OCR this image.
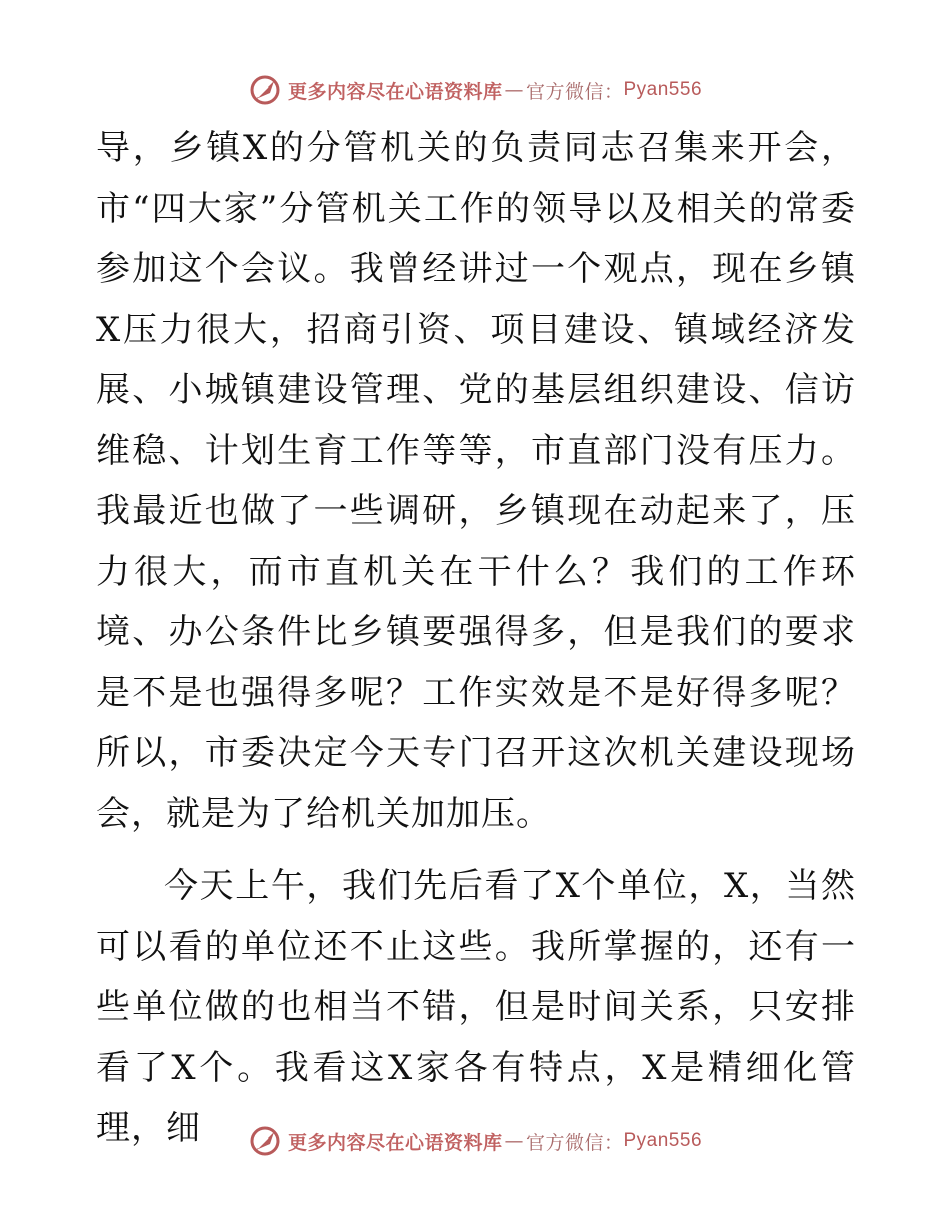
更多内容尽在心语资料库 — 官方微信： Pyan556

导，乡镇X的分管机关的负责同志召集来开会，市“四大家”分管机关工作的领导以及相关的常委参加这个会议。我曾经讲过一个观点，现在乡镇X压力很大，招商引资、项目建设、镇域经济发展、小城镇建设管理、党的基层组织建设、信访维稳、计划生育工作等等，市直部门没有压力。我最近也做了一些调研，乡镇现在动起来了，压力很大，而市直机关在干什么？我们的工作环境、办公条件比乡镇要强得多，但是我们的要求是不是也强得多呢？工作实效是不是好得多呢？所以，市委决定今天专门召开这次机关建设现场会，就是为了给机关加加压。

今天上午，我们先后看了X个单位，X，当然可以看的单位还不止这些。我所掌握的，还有一些单位做的也相当不错，但是时间关系，只安排看了X个。我看这X家各有特点，X是精细化管理，细	更多内容尽在心语资料库 — 官方微信： Pyan556
